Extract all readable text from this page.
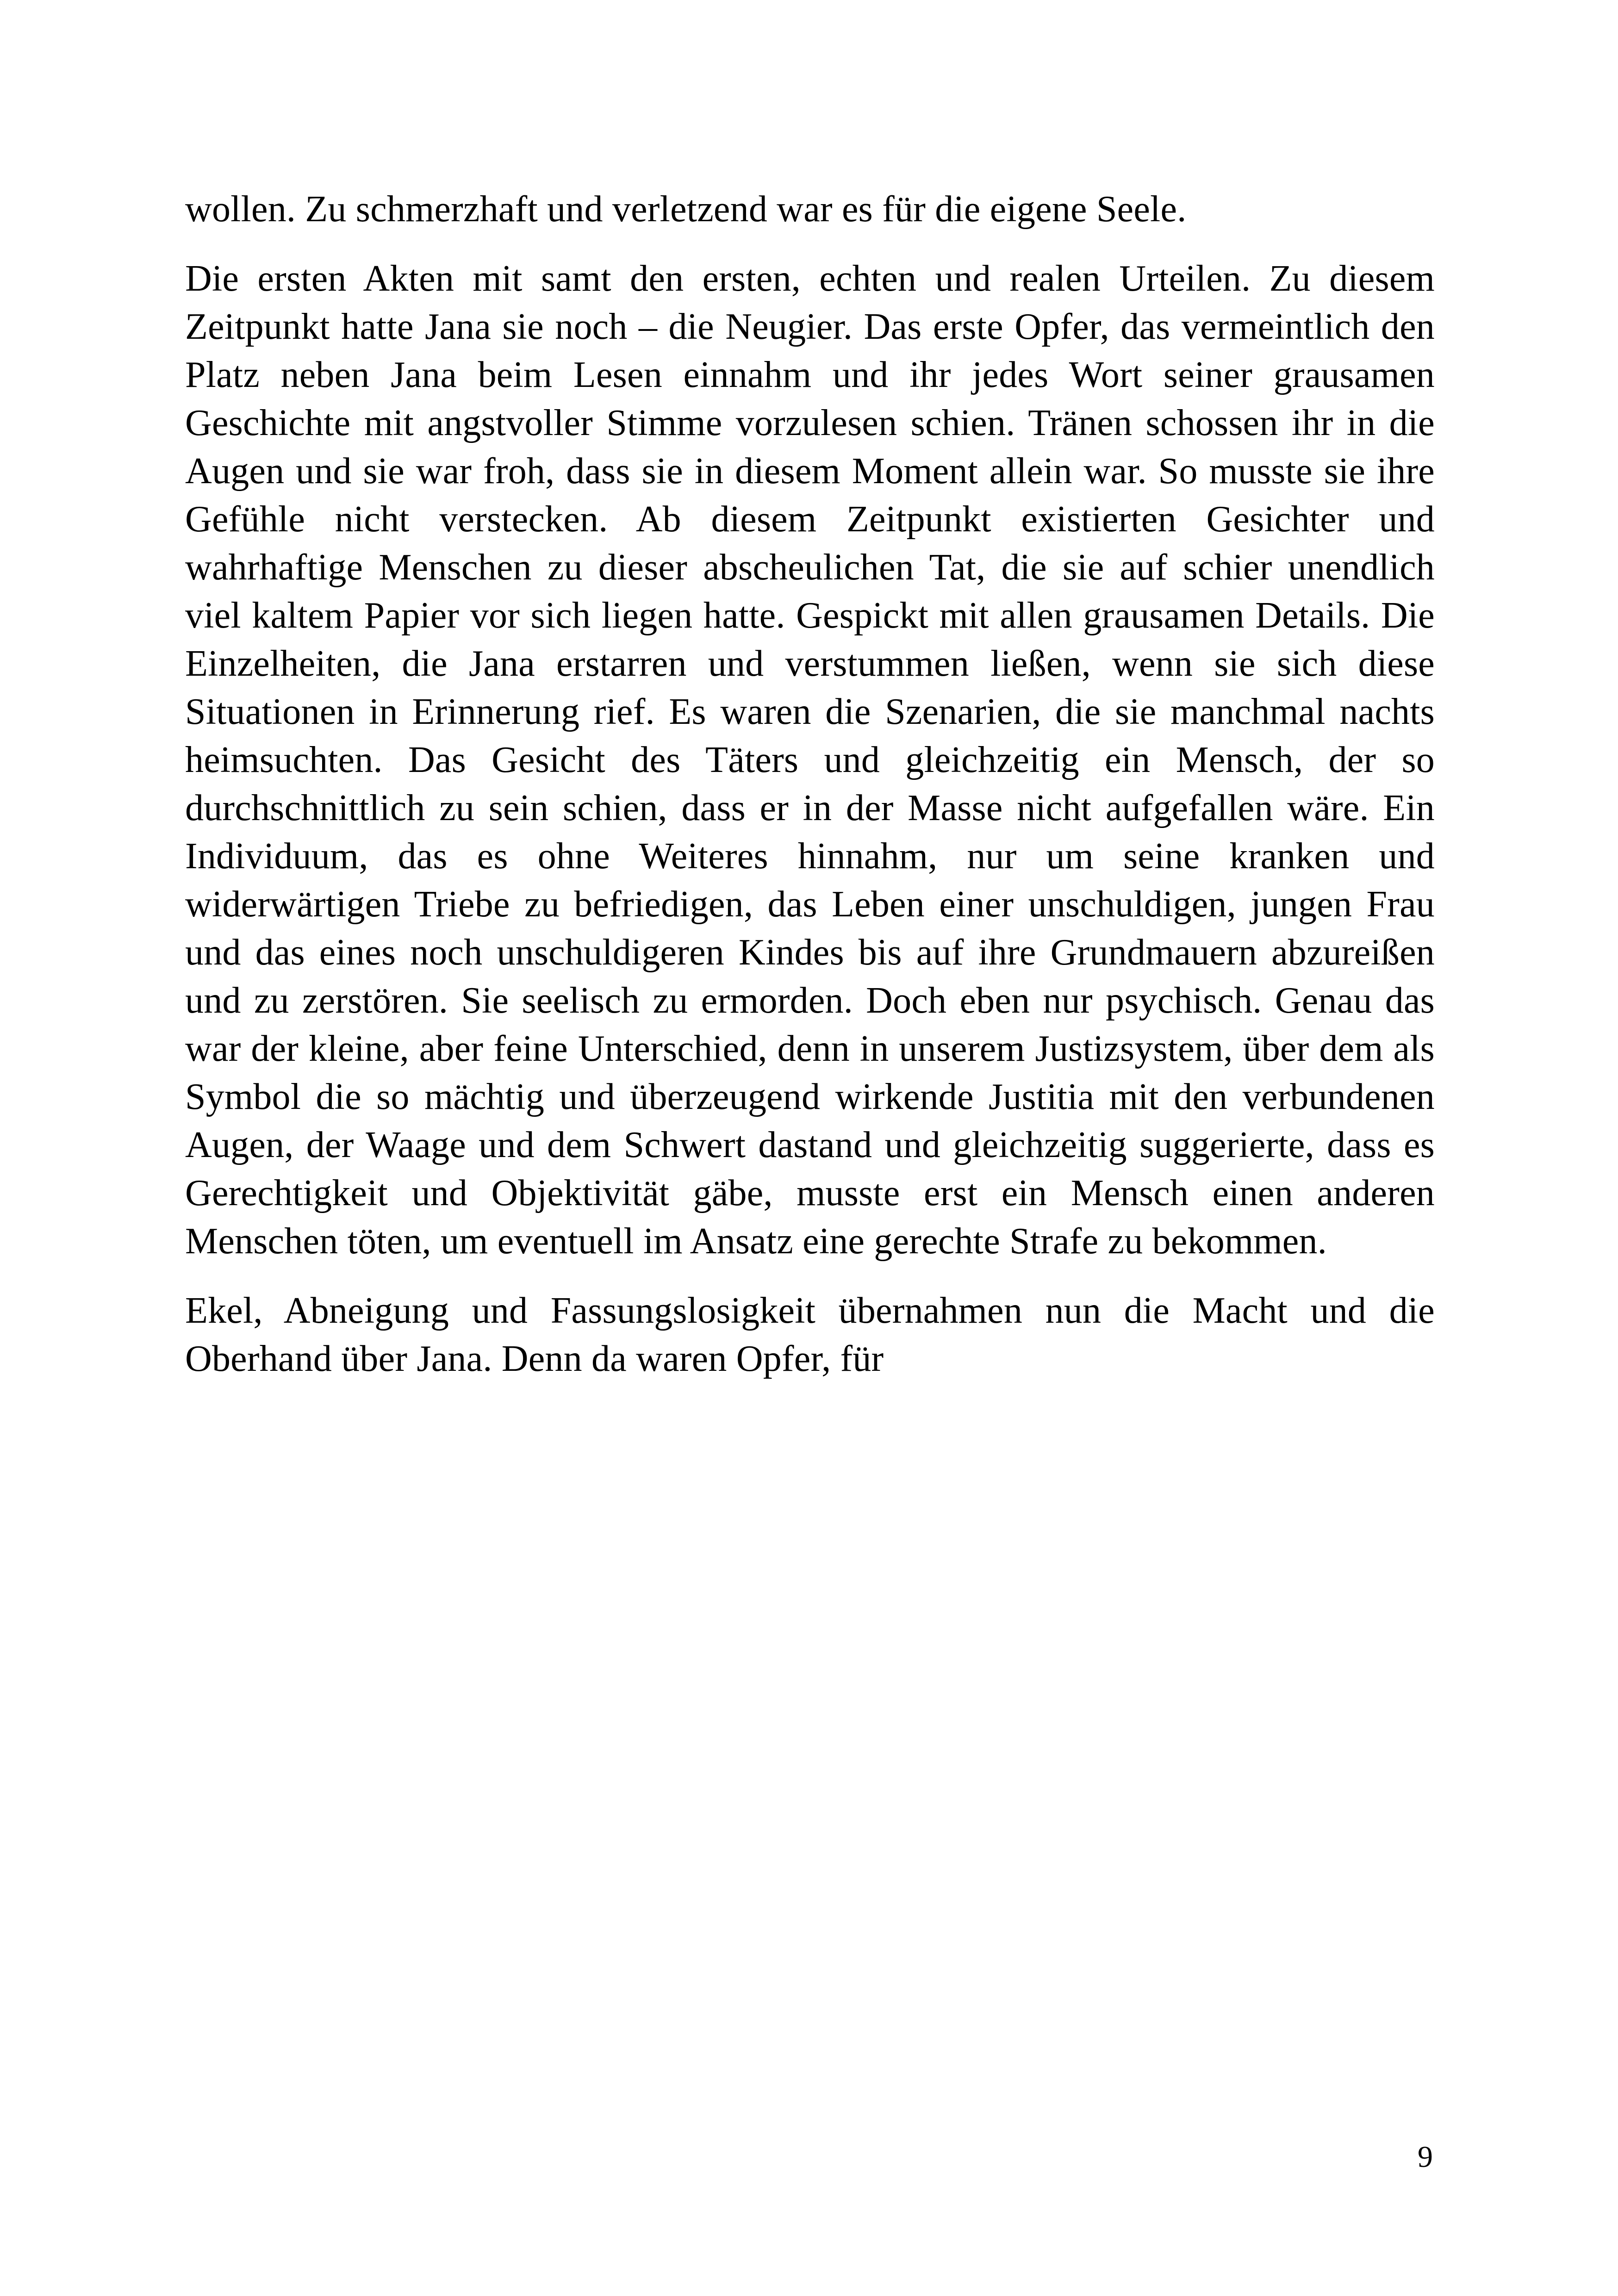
wollen. Zu schmerzhaft und verletzend war es für die eigene Seele.

Die ersten Akten mit samt den ersten, echten und realen Urteilen. Zu diesem Zeitpunkt hatte Jana sie noch – die Neugier. Das erste Opfer, das vermeintlich den Platz neben Jana beim Lesen einnahm und ihr jedes Wort seiner grausamen Geschichte mit angstvoller Stimme vorzulesen schien. Tränen schossen ihr in die Augen und sie war froh, dass sie in diesem Moment allein war. So musste sie ihre Gefühle nicht verstecken. Ab diesem Zeitpunkt existierten Gesichter und wahrhaftige Menschen zu dieser abscheulichen Tat, die sie auf schier unendlich viel kaltem Papier vor sich liegen hatte. Gespickt mit allen grausamen Details. Die Einzelheiten, die Jana erstarren und verstummen ließen, wenn sie sich diese Situationen in Erinnerung rief. Es waren die Szenarien, die sie manchmal nachts heimsuchten. Das Gesicht des Täters und gleichzeitig ein Mensch, der so durchschnittlich zu sein schien, dass er in der Masse nicht aufgefallen wäre. Ein Individuum, das es ohne Weiteres hinnahm, nur um seine kranken und widerwärtigen Triebe zu befriedigen, das Leben einer unschuldigen, jungen Frau und das eines noch unschuldigeren Kindes bis auf ihre Grundmauern abzureißen und zu zerstören. Sie seelisch zu ermorden. Doch eben nur psychisch. Genau das war der kleine, aber feine Unterschied, denn in unserem Justizsystem, über dem als Symbol die so mächtig und überzeugend wirkende Justitia mit den verbundenen Augen, der Waage und dem Schwert dastand und gleichzeitig suggerierte, dass es Gerechtigkeit und Objektivität gäbe, musste erst ein Mensch einen anderen Menschen töten, um eventuell im Ansatz eine gerechte Strafe zu bekommen.

Ekel, Abneigung und Fassungslosigkeit übernahmen nun die Macht und die Oberhand über Jana. Denn da waren Opfer, für

9
